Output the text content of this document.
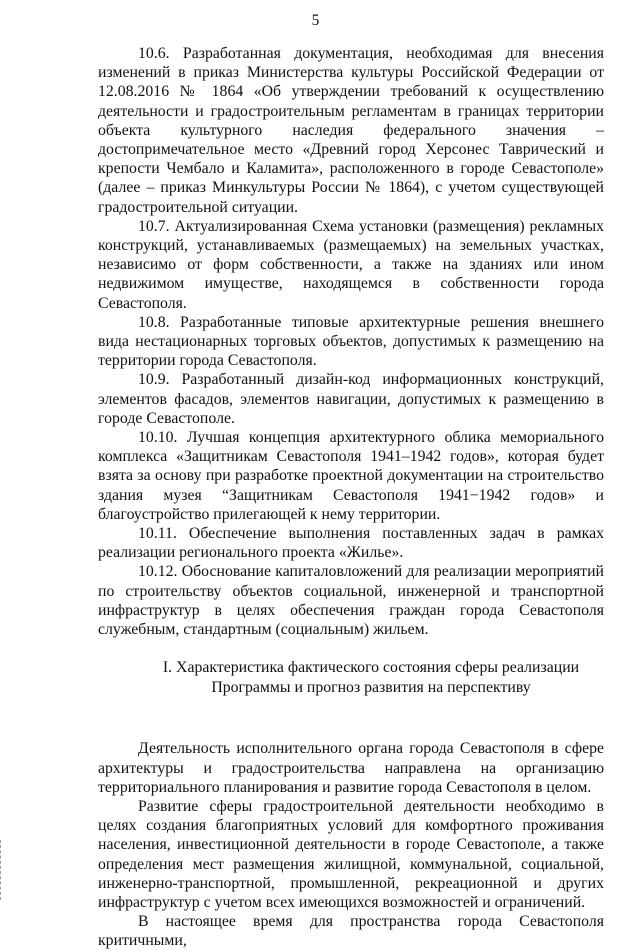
5

10.6. Разработанная документация, необходимая для внесения изменений в приказ Министерства культуры Российской Федерации от 12.08.2016 № 1864 «Об утверждении требований к осуществлению деятельности и градостроительным регламентам в границах территории объекта культурного наследия федерального значения – достопримечательное место «Древний город Херсонес Таврический и крепости Чембало и Каламита», расположенного в городе Севастополе» (далее – приказ Минкультуры России № 1864), с учетом существующей градостроительной ситуации.

10.7. Актуализированная Схема установки (размещения) рекламных конструкций, устанавливаемых (размещаемых) на земельных участках, независимо от форм собственности, а также на зданиях или ином недвижимом имуществе, находящемся в собственности города Севастополя.

10.8. Разработанные типовые архитектурные решения внешнего вида нестационарных торговых объектов, допустимых к размещению на территории города Севастополя.

10.9. Разработанный дизайн-код информационных конструкций, элементов фасадов, элементов навигации, допустимых к размещению в городе Севастополе.

10.10. Лучшая концепция архитектурного облика мемориального комплекса «Защитникам Севастополя 1941–1942 годов», которая будет взята за основу при разработке проектной документации на строительство здания музея “Защитникам Севастополя 1941−1942 годов» и благоустройство прилегающей к нему территории.

10.11. Обеспечение выполнения поставленных задач в рамках реализации регионального проекта «Жилье».

10.12. Обоснование капиталовложений для реализации мероприятий по строительству объектов социальной, инженерной и транспортной инфраструктур в целях обеспечения граждан города Севастополя служебным, стандартным (социальным) жильем.

I. Характеристика фактического состояния сферы реализации
Программы и прогноз развития на перспективу

Деятельность исполнительного органа города Севастополя в сфере архитектуры и градостроительства направлена на организацию территориального планирования и развитие города Севастополя в целом.

Развитие сферы градостроительной деятельности необходимо в целях создания благоприятных условий для комфортного проживания населения, инвестиционной деятельности в городе Севастополе, а также определения мест размещения жилищной, коммунальной, социальной, инженерно-транспортной, промышленной, рекреационной и других инфраструктур с учетом всех имеющихся возможностей и ограничений.

В настоящее время для пространства города Севастополя критичными,
